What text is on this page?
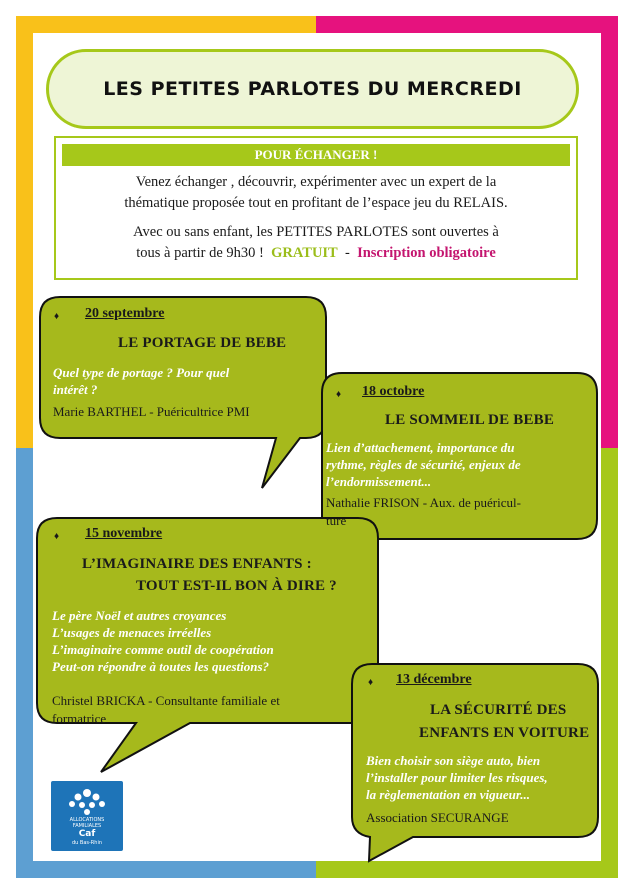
LES PETITES PARLOTES DU MERCREDI
POUR ÉCHANGER !
Venez échanger , découvrir, expérimenter avec un expert de la
thématique proposée tout en profitant de l’espace jeu du RELAIS.
Avec ou sans enfant, les PETITES PARLOTES sont ouvertes à
tous à partir de 9h30 ! GRATUIT - Inscription obligatoire
♦ 20 septembre
LE PORTAGE DE BEBE
Quel type de portage ? Pour quel
intérêt ?
Marie BARTHEL - Puéricultrice PMI
♦ 18 octobre
LE SOMMEIL DE BEBE
Lien d’attachement, importance du
rythme, règles de sécurité, enjeux de
l’endormissement...
Nathalie FRISON - Aux. de puéricul-
ture
♦ 15 novembre
L’IMAGINAIRE DES ENFANTS :
TOUT EST-IL BON À DIRE ?
Le père Noël et autres croyances
L’usages de menaces irréelles
L’imaginaire comme outil de coopération
Peut-on répondre à toutes les questions?
Christel BRICKA - Consultante familiale et
formatrice
♦ 13 décembre
LA SÉCURITÉ DES
ENFANTS EN VOITURE
Bien choisir son siège auto, bien
l’installer pour limiter les risques,
la règlementation en vigueur...
Association SECURANGE
ALLOCATIONS
FAMILIALES
Caf
du Bas-Rhin
